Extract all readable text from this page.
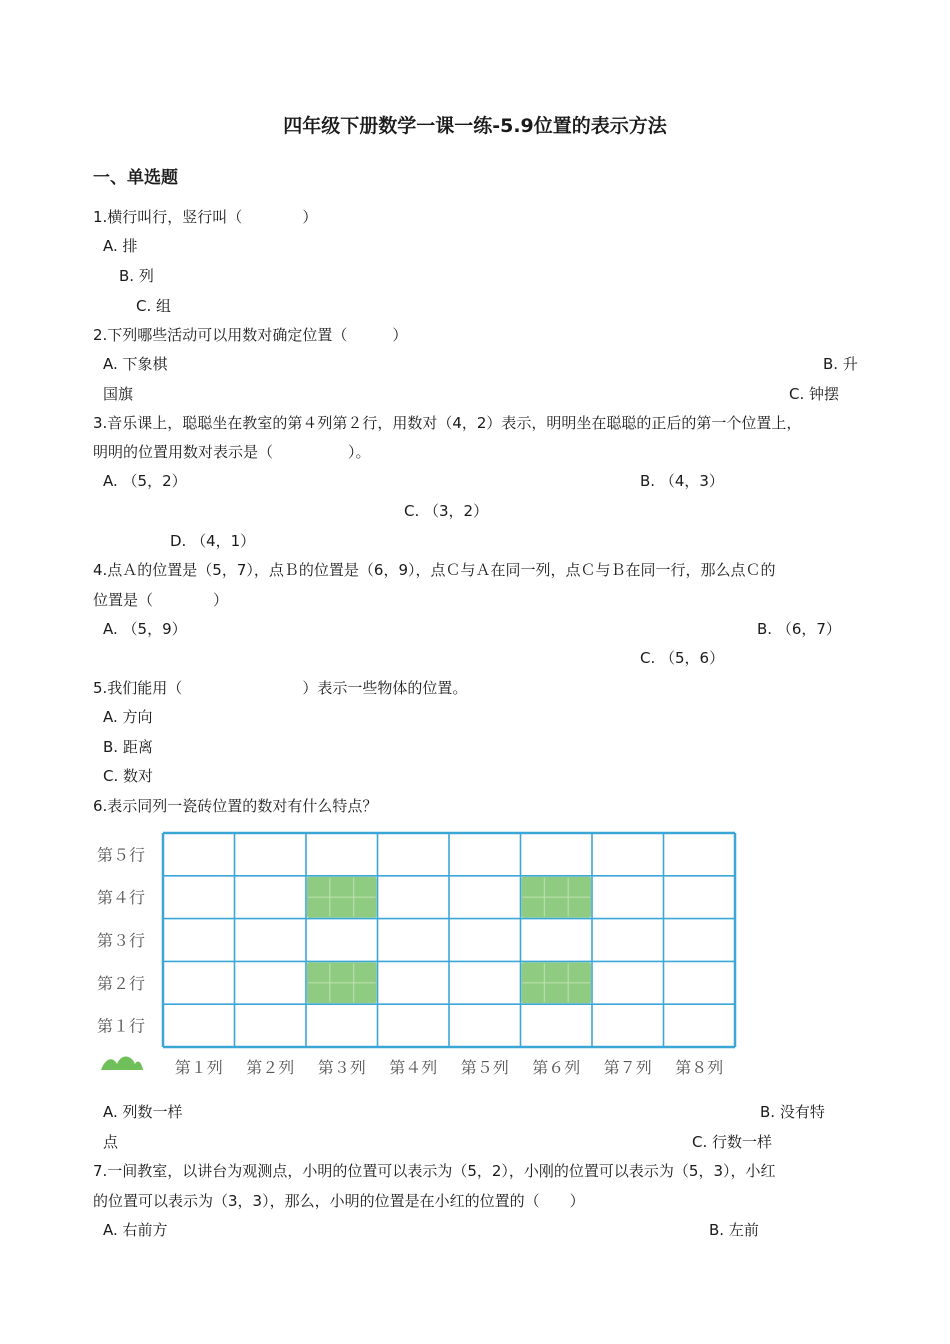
四年级下册数学一课一练-5.9位置的表示方法
一、单选题
1.横行叫行，竖行叫（　　　　）
A. 排
B. 列
C. 组
2.下列哪些活动可以用数对确定位置（　　　）
A. 下象棋	B. 升
国旗	C. 钟摆
3.音乐课上，聪聪坐在教室的第４列第２行，用数对（4，2）表示，明明坐在聪聪的正后的第一个位置上，
明明的位置用数对表示是（　　　　　）。
A. （5，2）	B. （4，3）
C. （3，2）
D. （4，1）
4.点Ａ的位置是（5，7），点Ｂ的位置是（6，9），点Ｃ与Ａ在同一列，点Ｃ与Ｂ在同一行，那么点Ｃ的
位置是（　　　　）
A. （5，9）	B. （6，7）
C. （5，6）
5.我们能用（　　　　　　　　）表示一些物体的位置。
A. 方向
B. 距离
C. 数对
6.表示同列一瓷砖位置的数对有什么特点？
第５行
第４行
第３行
第２行
第１行
第１列 第２列 第３列 第４列 第５列 第６列 第７列 第８列
A. 列数一样	B. 没有特
点	C. 行数一样
7.一间教室，以讲台为观测点，小明的位置可以表示为（5，2），小刚的位置可以表示为（5，3），小红
的位置可以表示为（3，3），那么，小明的位置是在小红的位置的（　　）
A. 右前方	B. 左前
